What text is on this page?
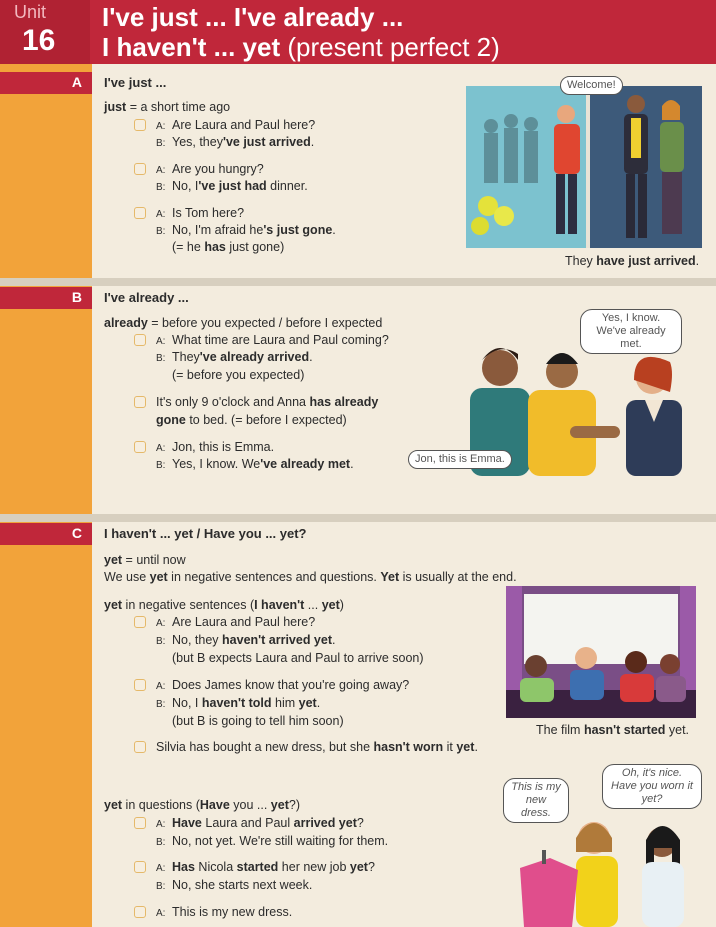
Unit
16
I've just ... I've already ...
I haven't ... yet (present perfect 2)
A I've just ...
just = a short time ago
A: Are Laura and Paul here?
B: Yes, they've just arrived.
A: Are you hungry?
B: No, I've just had dinner.
A: Is Tom here?
B: No, I'm afraid he's just gone.
(= he has just gone)
Welcome!
They have just arrived.
B I've already ...
already = before you expected / before I expected
A: What time are Laura and Paul coming?
B: They've already arrived.
(= before you expected)
It's only 9 o'clock and Anna has already
gone to bed. (= before I expected)
A: Jon, this is Emma.
B: Yes, I know. We've already met.
Yes, I know. We've already met.
Jon, this is Emma.
C I haven't ... yet / Have you ... yet?
yet = until now
We use yet in negative sentences and questions. Yet is usually at the end.
yet in negative sentences (I haven't ... yet)
A: Are Laura and Paul here?
B: No, they haven't arrived yet.
(but B expects Laura and Paul to arrive soon)
A: Does James know that you're going away?
B: No, I haven't told him yet.
(but B is going to tell him soon)
Silvia has bought a new dress, but she hasn't worn it yet.
The film hasn't started yet.
yet in questions (Have you ... yet?)
A: Have Laura and Paul arrived yet?
B: No, not yet. We're still waiting for them.
A: Has Nicola started her new job yet?
B: No, she starts next week.
A: This is my new dress.
This is my new dress.
Oh, it's nice. Have you worn it yet?
